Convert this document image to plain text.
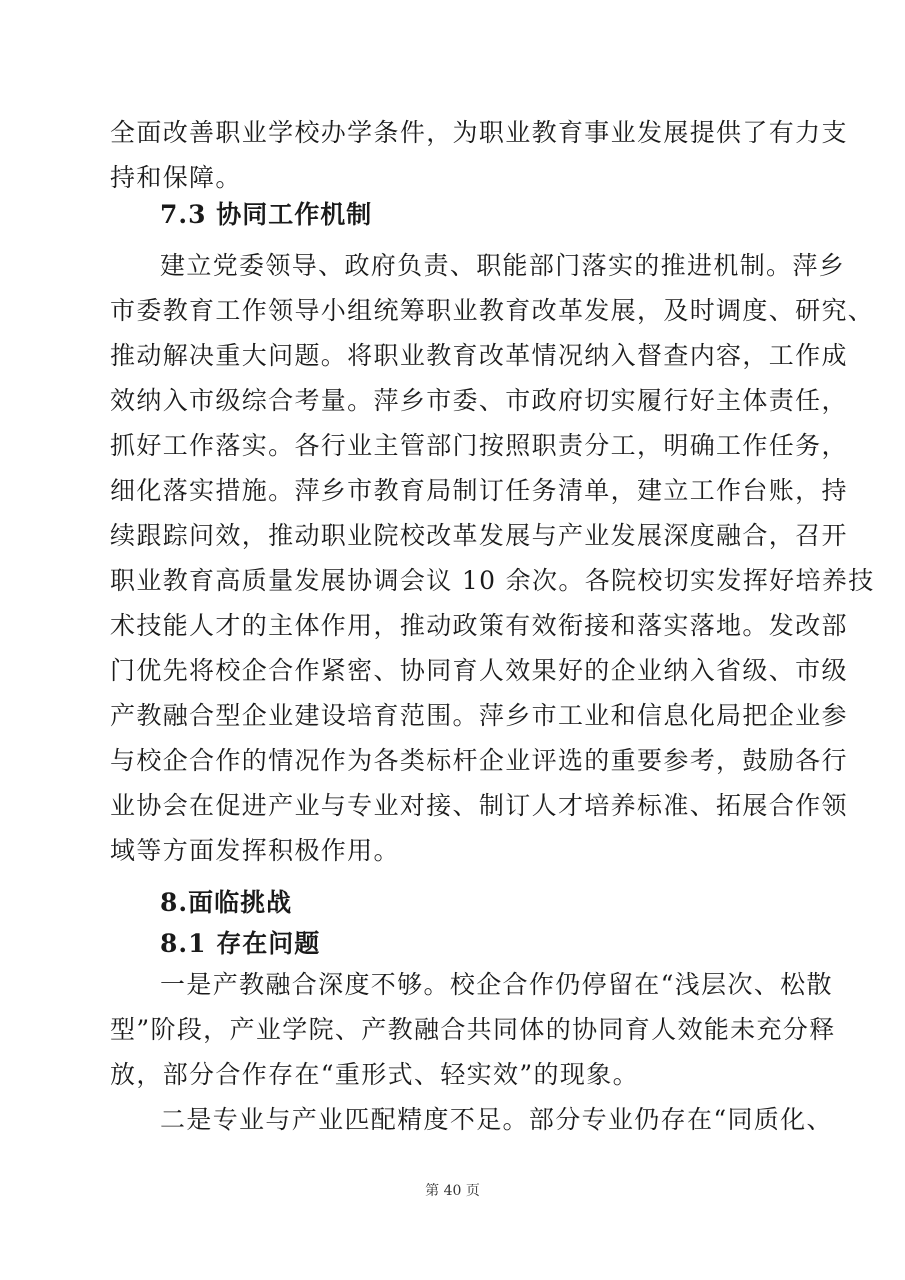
全面改善职业学校办学条件，为职业教育事业发展提供了有力支
持和保障。
7.3 协同工作机制
建立党委领导、政府负责、职能部门落实的推进机制。萍乡
市委教育工作领导小组统筹职业教育改革发展，及时调度、研究、
推动解决重大问题。将职业教育改革情况纳入督查内容，工作成
效纳入市级综合考量。萍乡市委、市政府切实履行好主体责任，
抓好工作落实。各行业主管部门按照职责分工，明确工作任务，
细化落实措施。萍乡市教育局制订任务清单，建立工作台账，持
续跟踪问效，推动职业院校改革发展与产业发展深度融合，召开
职业教育高质量发展协调会议 10 余次。各院校切实发挥好培养技
术技能人才的主体作用，推动政策有效衔接和落实落地。发改部
门优先将校企合作紧密、协同育人效果好的企业纳入省级、市级
产教融合型企业建设培育范围。萍乡市工业和信息化局把企业参
与校企合作的情况作为各类标杆企业评选的重要参考，鼓励各行
业协会在促进产业与专业对接、制订人才培养标准、拓展合作领
域等方面发挥积极作用。
8.面临挑战
8.1 存在问题
一是产教融合深度不够。校企合作仍停留在“浅层次、松散
型”阶段，产业学院、产教融合共同体的协同育人效能未充分释
放，部分合作存在“重形式、轻实效”的现象。
二是专业与产业匹配精度不足。部分专业仍存在“同质化、
第 40 页
